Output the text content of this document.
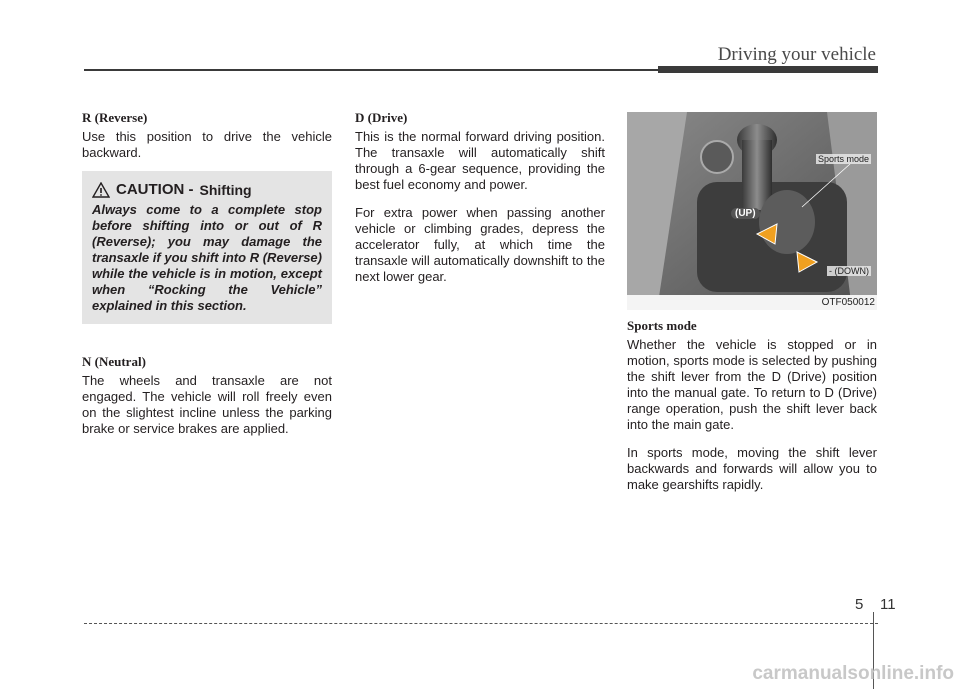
Driving your vehicle

R (Reverse)

Use this position to drive the vehicle backward.

CAUTION - Shifting

Always come to a complete stop before shifting into or out of R (Reverse); you may damage the transaxle if you shift into R (Reverse) while the vehicle is in motion, except when “Rocking the Vehicle” explained in this section.

N (Neutral)

The wheels and transaxle are not engaged. The vehicle will roll freely even on the slightest incline unless the parking brake or service brakes are applied.

D (Drive)

This is the normal forward driving position. The transaxle will automatically shift through a 6-gear sequence, providing the best fuel economy and power.

For extra power when passing another vehicle or climbing grades, depress the accelerator fully, at which time the transaxle will automatically downshift to the next lower gear.

Sports mode
(UP)
- (DOWN)
OTF050012

Sports mode

Whether the vehicle is stopped or in motion, sports mode is selected by pushing the shift lever from the D (Drive) position into the manual gate. To return to D (Drive) range operation, push the shift lever back into the main gate.

In sports mode, moving the shift lever backwards and forwards will allow you to make gearshifts rapidly.

5 11
carmanualsonline.info
